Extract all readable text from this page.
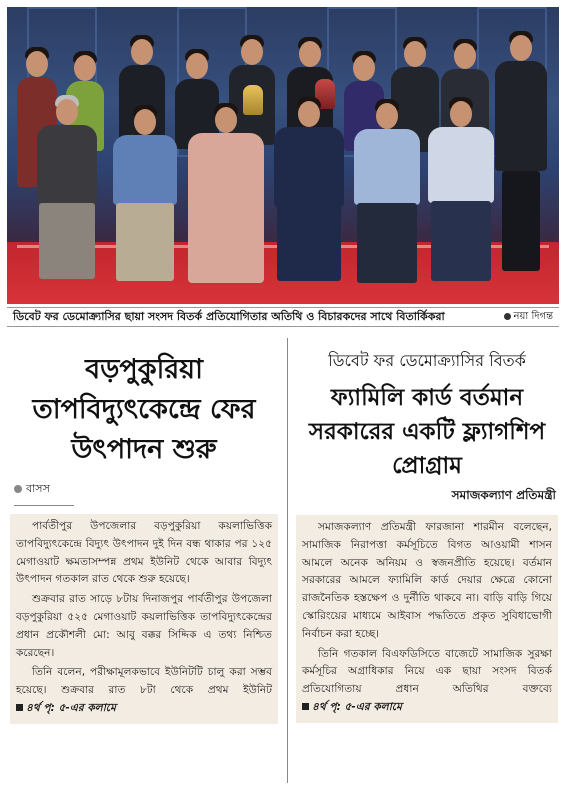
ডিবেট ফর ডেমোক্র্যাসির ছায়া সংসদ বিতর্ক প্রতিযোগিতার অতিথি ও বিচারকদের সাথে বিতার্কিকরা	নয়া দিগন্ত
বড়পুকুরিয়া তাপবিদ্যুৎকেন্দ্রে ফের উৎপাদন শুরু
বাসস

পার্বতীপুর উপজেলার বড়পুকুরিয়া কয়লাভিত্তিক তাপবিদ্যুৎকেন্দ্রে বিদ্যুৎ উৎপাদন দুই দিন বন্ধ থাকার পর ১২৫ মেগাওয়াট ক্ষমতাসম্পন্ন প্রথম ইউনিট থেকে আবার বিদ্যুৎ উৎপাদন গতকাল রাত থেকে শুরু হয়েছে।

শুক্রবার রাত সাড়ে ৮টায় দিনাজপুর পার্বতীপুর উপজেলা বড়পুকুরিয়া ৫২৫ মেগাওয়াট কয়লাভিত্তিক তাপবিদ্যুৎকেন্দ্রের প্রধান প্রকৌশলী মো: আবু বক্কর সিদ্দিক এ তথ্য নিশ্চিত করেছেন।

তিনি বলেন, পরীক্ষামূলকভাবে ইউনিটটি চালু করা সম্ভব হয়েছে। শুক্রবার রাত ৮টা থেকে প্রথম ইউনিট ৪র্থ পৃ: ৫-এর কলামে

ডিবেট ফর ডেমোক্র্যাসির বিতর্ক
ফ্যামিলি কার্ড বর্তমান সরকারের একটি ফ্ল্যাগশিপ প্রোগ্রাম
সমাজকল্যাণ প্রতিমন্ত্রী

সমাজকল্যাণ প্রতিমন্ত্রী ফারজানা শারমীন বলেছেন, সামাজিক নিরাপত্তা কর্মসূচিতে বিগত আওয়ামী শাসন আমলে অনেক অনিয়ম ও স্বজনপ্রীতি হয়েছে। বর্তমান সরকারের আমলে ফ্যামিলি কার্ড দেয়ার ক্ষেত্রে কোনো রাজনৈতিক হস্তক্ষেপ ও দুর্নীতি থাকবে না। বাড়ি বাড়ি গিয়ে স্কোরিংয়ের মাধ্যমে আইবাস পদ্ধতিতে প্রকৃত সুবিধাভোগী নির্বাচন করা হচ্ছে।

তিনি গতকাল বিএফডিসিতে বাজেটে সামাজিক সুরক্ষা কর্মসূচির অগ্রাধিকার নিয়ে এক ছায়া সংসদ বিতর্ক প্রতিযোগিতায় প্রধান অতিথির বক্তব্যে ৪র্থ পৃ: ৫-এর কলামে
